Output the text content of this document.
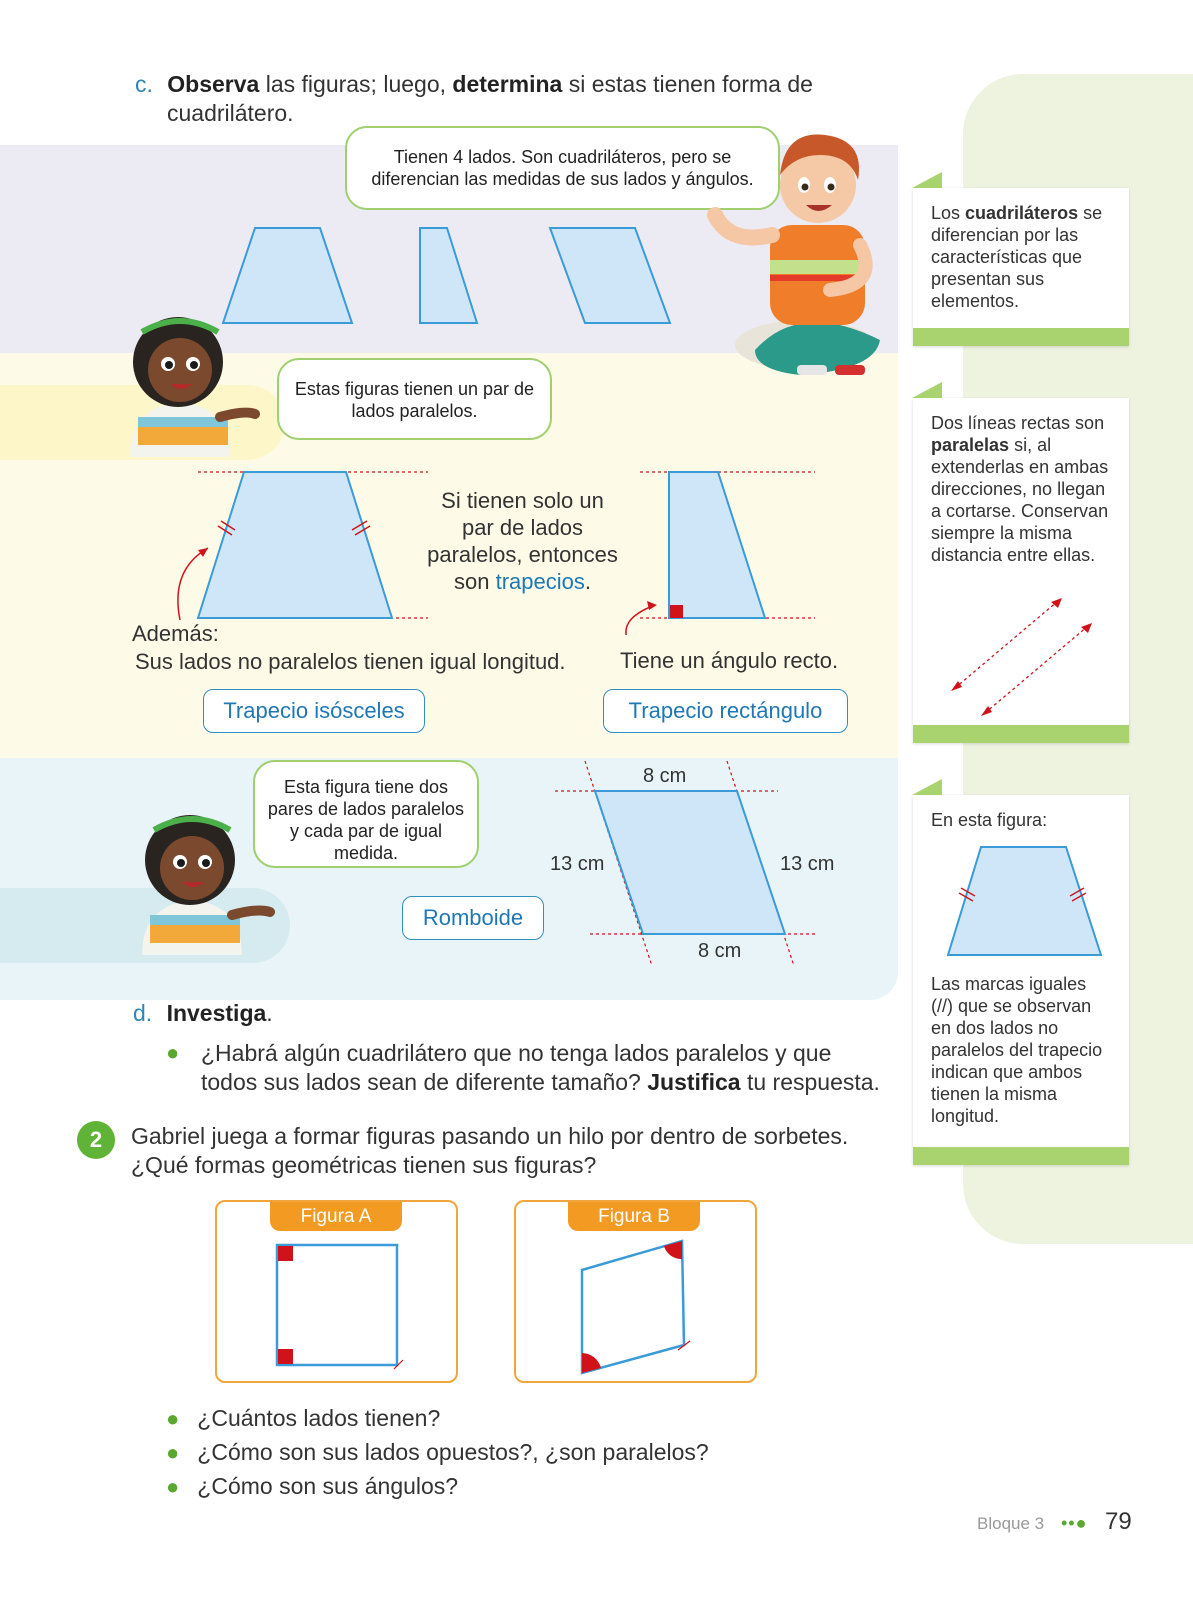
c. Observa las figuras; luego, determina si estas tienen forma de
cuadrilátero.
Tienen 4 lados. Son cuadriláteros, pero se diferencian las medidas de sus lados y ángulos.
Estas figuras tienen un par de lados paralelos.
Si tienen solo un par de lados paralelos, entonces son trapecios.
Además:
Sus lados no paralelos tienen igual longitud. Tiene un ángulo recto.
Trapecio isósceles	Trapecio rectángulo
Esta figura tiene dos pares de lados paralelos y cada par de igual medida.
Romboide
8 cm
8 cm
13 cm	13 cm
d. Investiga.
● ¿Habrá algún cuadrilátero que no tenga lados paralelos y que todos sus lados sean de diferente tamaño? Justifica tu respuesta.
2	Gabriel juega a formar figuras pasando un hilo por dentro de sorbetes.
¿Qué formas geométricas tienen sus figuras?
Figura A	Figura B
● ¿Cuántos lados tienen?
● ¿Cómo son sus lados opuestos?, ¿son paralelos?
● ¿Cómo son sus ángulos?
Los cuadriláteros se diferencian por las características que presentan sus elementos.
Dos líneas rectas son paralelas si, al extenderlas en ambas direcciones, no llegan a cortarse. Conservan siempre la misma distancia entre ellas.
En esta figura:
Las marcas iguales (//) que se observan en dos lados no paralelos del trapecio indican que ambos tienen la misma longitud.
Bloque 3 ••● 79
